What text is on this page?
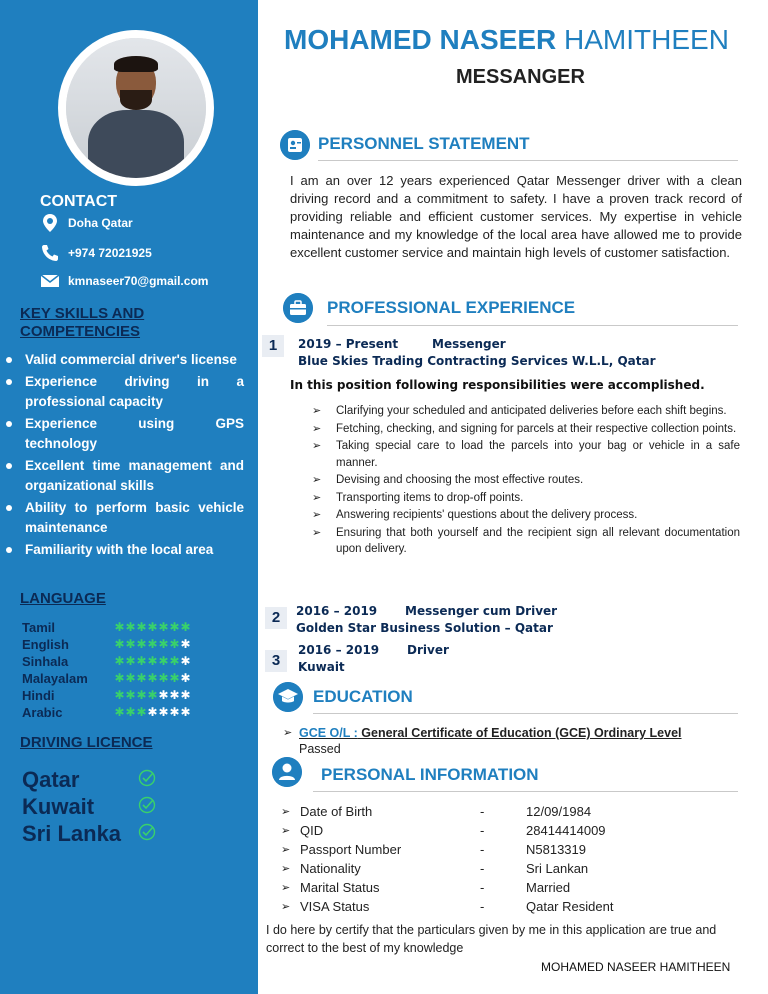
CONTACT
Doha Qatar
+974 72021925
kmnaseer70@gmail.com
KEY SKILLS AND COMPETENCIES
Valid commercial driver's license
Experience driving in a professional capacity
Experience using GPS technology
Excellent time management and organizational skills
Ability to perform basic vehicle maintenance
Familiarity with the local area
LANGUAGE
Tamil	✱ ✱ ✱ ✱ ✱ ✱ ✱
English	✱ ✱ ✱ ✱ ✱ ✱ ✱
Sinhala	✱ ✱ ✱ ✱ ✱ ✱ ✱
Malayalam ✱ ✱ ✱ ✱ ✱ ✱ ✱
Hindi	✱ ✱ ✱ ✱ ✱ ✱ ✱
Arabic	✱ ✱ ✱ ✱ ✱ ✱ ✱
DRIVING LICENCE
Qatar
Kuwait
Sri Lanka
MOHAMED NASEER HAMITHEEN
MESSANGER
PERSONNEL STATEMENT
I am an over 12 years experienced Qatar Messenger driver with a clean driving record and a commitment to safety. I have a proven track record of providing reliable and efficient customer services. My expertise in vehicle maintenance and my knowledge of the local area have allowed me to provide excellent customer service and maintain high levels of customer satisfaction.
PROFESSIONAL EXPERIENCE
1	2019 – Present	Messenger
Blue Skies Trading Contracting Services W.L.L, Qatar
In this position following responsibilities were accomplished.
➢ Clarifying your scheduled and anticipated deliveries before each shift begins.
➢ Fetching, checking, and signing for parcels at their respective collection points.
➢ Taking special care to load the parcels into your bag or vehicle in a safe manner.
➢ Devising and choosing the most effective routes.
➢ Transporting items to drop-off points.
➢ Answering recipients' questions about the delivery process.
➢ Ensuring that both yourself and the recipient sign all relevant documentation upon delivery.
2	2016 – 2019 Messenger cum Driver
Golden Star Business Solution – Qatar
3
2016 – 2019 Driver
Kuwait
EDUCATION
➢ GCE O/L : General Certificate of Education (GCE) Ordinary Level
Passed
PERSONAL INFORMATION
➢ Date of Birth	-	12/09/1984
➢ QID	-	28414414009
➢ Passport Number	-	N5813319
➢ Nationality	-	Sri Lankan
➢ Marital Status	-	Married
➢ VISA Status	-	Qatar Resident
I do here by certify that the particulars given by me in this application are true and correct to the best of my knowledge
MOHAMED NASEER HAMITHEEN
